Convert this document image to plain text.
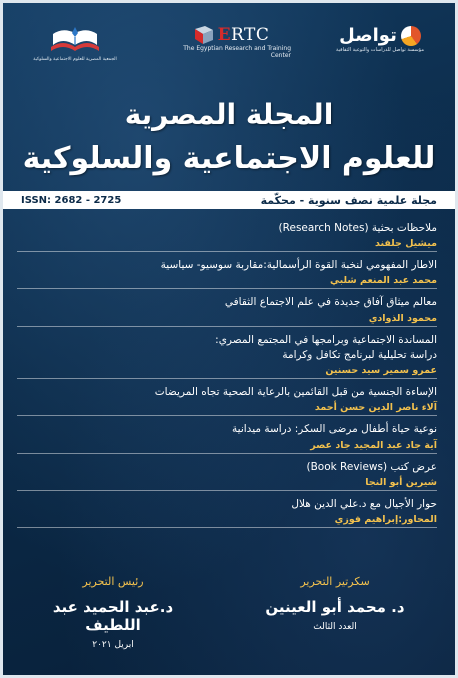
الجمعية المصرية للعلوم الاجتماعية والسلوكية
ERTC
The Egyptian Research and Training Center
تواصل
مؤسسة تواصل للدراسات والتوعية الثقافية
المجلة المصرية
للعلوم الاجتماعية والسلوكية
ISSN: 2682 - 2725	مجلة علمية نصف سنوية - محكّمة
ملاحظات بحثية (Research Notes)
ميشيل جلفند
الاطار المفهومي لنخبة القوة الرأسمالية:مقاربة سوسيو- سياسية
محمد عبد المنعم شلبي
معالم ميثاق آفاق جديدة في علم الاجتماع الثقافي
محمود الذوادي
المساندة الاجتماعية وبرامجها في المجتمع المصري:
دراسة تحليلية لبرنامج تكافل وكرامة
عمرو سمير سيد حسنين
الإساءة الجنسية من قبل القائمين بالرعاية الصحية تجاه المريضات
آلاء ناصر الدين حسن أحمد
نوعية حياة أطفال مرضى السكر: دراسة ميدانية
آية جاد عبد المجيد جاد عصر
عرض كتب (Book Reviews)
شيرين أبو النجا
حوار الأجيال مع د.علي الدين هلال
المحاور:إبراهيم فوزي
سكرتير التحرير
د. محمد أبو العينين
العدد الثالث
رئيس التحرير
د.عبد الحميد عبد اللطيف
ابريل ٢٠٢١
